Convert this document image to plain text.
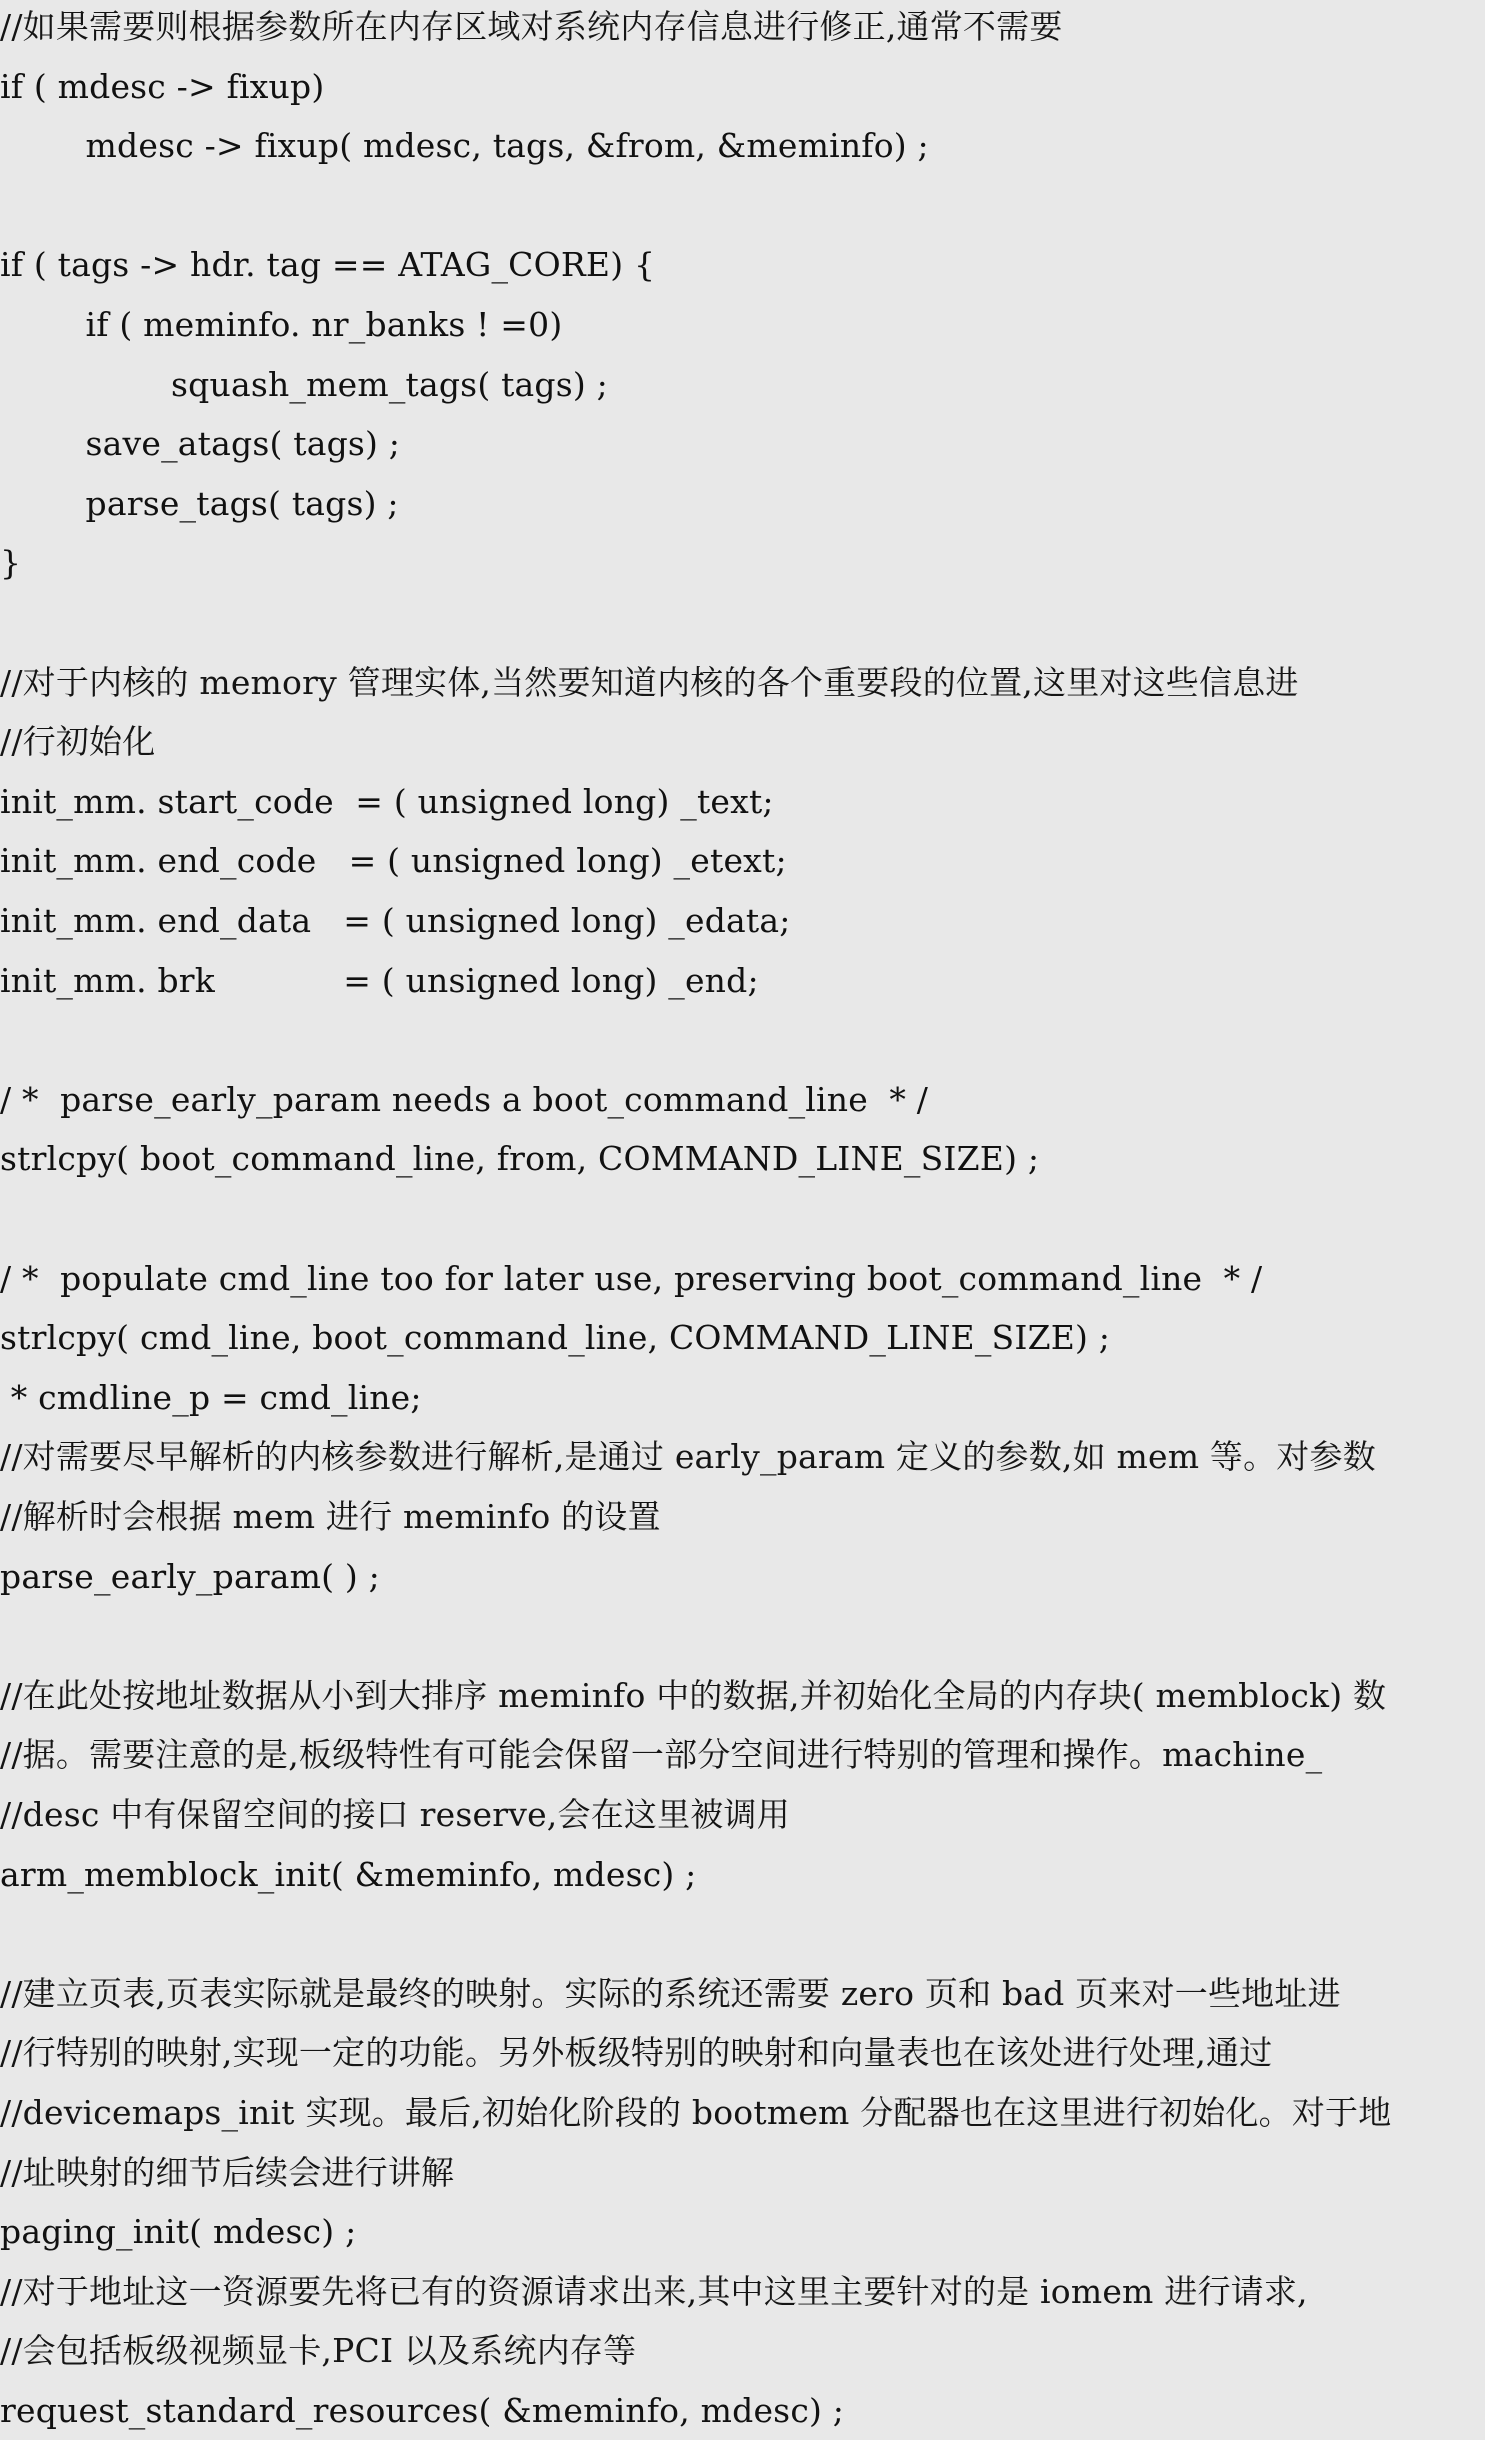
//如果需要则根据参数所在内存区域对系统内存信息进行修正,通常不需要
if ( mdesc -> fixup)
mdesc -> fixup( mdesc, tags, &from, &meminfo) ;
if ( tags -> hdr. tag == ATAG_CORE) {
if ( meminfo. nr_banks ! =0)
squash_mem_tags( tags) ;
save_atags( tags) ;
parse_tags( tags) ;
}
//对于内核的 memory 管理实体,当然要知道内核的各个重要段的位置,这里对这些信息进
//行初始化
init_mm. start_code  = ( unsigned long) _text;
init_mm. end_code   = ( unsigned long) _etext;
init_mm. end_data   = ( unsigned long) _edata;
init_mm. brk            = ( unsigned long) _end;
/ *  parse_early_param needs a boot_command_line  * /
strlcpy( boot_command_line, from, COMMAND_LINE_SIZE) ;
/ *  populate cmd_line too for later use, preserving boot_command_line  * /
strlcpy( cmd_line, boot_command_line, COMMAND_LINE_SIZE) ;
* cmdline_p = cmd_line;
//对需要尽早解析的内核参数进行解析,是通过 early_param 定义的参数,如 mem 等。对参数
//解析时会根据 mem 进行 meminfo 的设置
parse_early_param( ) ;
//在此处按地址数据从小到大排序 meminfo 中的数据,并初始化全局的内存块( memblock) 数
//据。需要注意的是,板级特性有可能会保留一部分空间进行特别的管理和操作。machine_
//desc 中有保留空间的接口 reserve,会在这里被调用
arm_memblock_init( &meminfo, mdesc) ;
//建立页表,页表实际就是最终的映射。实际的系统还需要 zero 页和 bad 页来对一些地址进
//行特别的映射,实现一定的功能。另外板级特别的映射和向量表也在该处进行处理,通过
//devicemaps_init 实现。最后,初始化阶段的 bootmem 分配器也在这里进行初始化。对于地
//址映射的细节后续会进行讲解
paging_init( mdesc) ;
//对于地址这一资源要先将已有的资源请求出来,其中这里主要针对的是 iomem 进行请求,
//会包括板级视频显卡,PCI 以及系统内存等
request_standard_resources( &meminfo, mdesc) ;
